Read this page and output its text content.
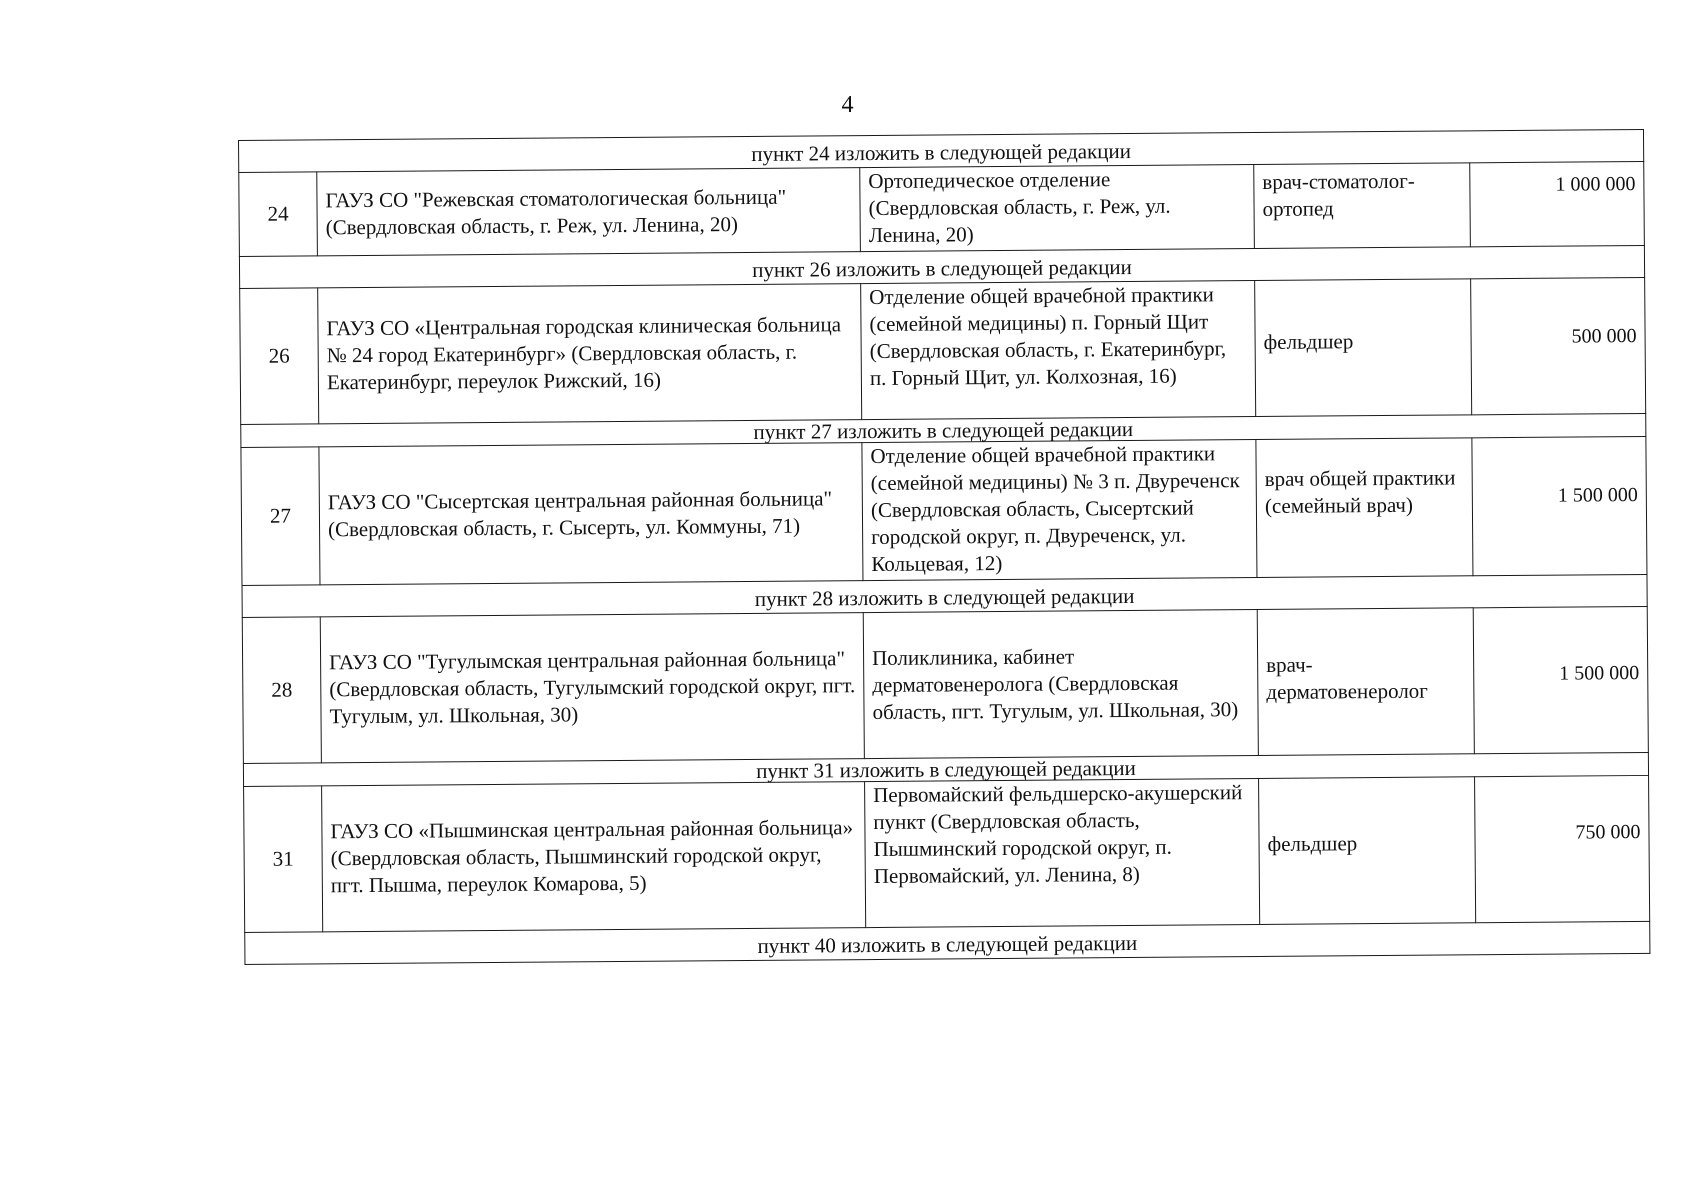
4
пункт 24 изложить в следующей редакции				
24	ГАУЗ СО "Режевская стоматологическая больница" (Свердловская область, г. Реж, ул. Ленина, 20)	Ортопедическое отделение (Свердловская область, г. Реж, ул. Ленина, 20)	врач-стоматолог-ортопед	1 000 000
пункт 26 изложить в следующей редакции				
26	ГАУЗ СО «Центральная городская клиническая больница № 24 город Екатеринбург» (Свердловская область, г. Екатеринбург, переулок Рижский, 16)	Отделение общей врачебной практики (семейной медицины) п. Горный Щит (Свердловская область, г. Екатеринбург, п. Горный Щит, ул. Колхозная, 16)	фельдшер	500 000
пункт 27 изложить в следующей редакции				
27	ГАУЗ СО "Сысертская центральная районная больница" (Свердловская область, г. Сысерть, ул. Коммуны, 71)	Отделение общей врачебной практики (семейной медицины) № 3 п. Двуреченск (Свердловская область, Сысертский городской округ, п. Двуреченск, ул. Кольцевая, 12)	врач общей практики (семейный врач)	1 500 000
пункт 28 изложить в следующей редакции				
28	ГАУЗ СО "Тугулымская центральная районная больница" (Свердловская область, Тугулымский городской округ, пгт. Тугулым, ул. Школьная, 30)	Поликлиника, кабинет дерматовенеролога (Свердловская область, пгт. Тугулым, ул. Школьная, 30)	врач-дерматовенеролог	1 500 000
пункт 31 изложить в следующей редакции				
31	ГАУЗ СО «Пышминская центральная районная больница» (Свердловская область, Пышминский городской округ, пгт. Пышма, переулок Комарова, 5)	Первомайский фельдшерско-акушерский пункт (Свердловская область, Пышминский городской округ, п. Первомайский, ул. Ленина, 8)	фельдшер	750 000
пункт 40 изложить в следующей редакции				
